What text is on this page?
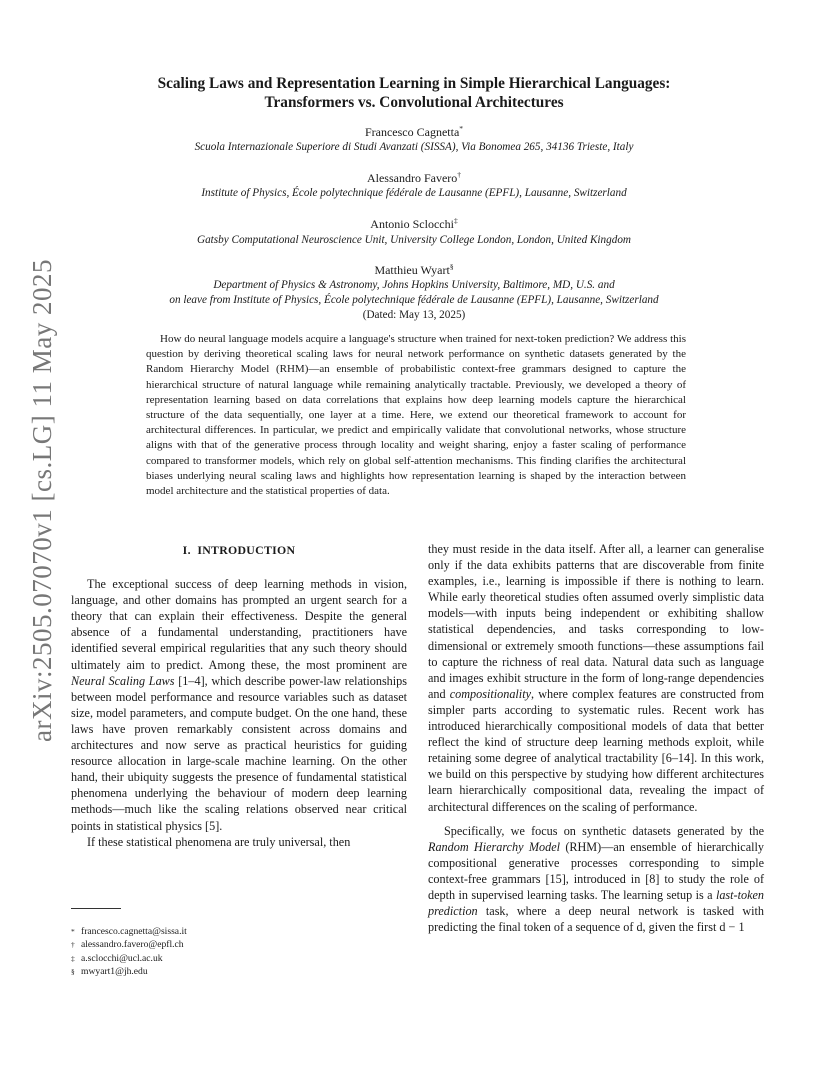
arXiv:2505.07070v1 [cs.LG] 11 May 2025
Scaling Laws and Representation Learning in Simple Hierarchical Languages:
Transformers vs. Convolutional Architectures

Francesco Cagnetta*

Scuola Internazionale Superiore di Studi Avanzati (SISSA), Via Bonomea 265, 34136 Trieste, Italy

Alessandro Favero†

Institute of Physics, École polytechnique fédérale de Lausanne (EPFL), Lausanne, Switzerland

Antonio Sclocchi‡

Gatsby Computational Neuroscience Unit, University College London, London, United Kingdom

Matthieu Wyart§

Department of Physics & Astronomy, Johns Hopkins University, Baltimore, MD, U.S. and

on leave from Institute of Physics, École polytechnique fédérale de Lausanne (EPFL), Lausanne, Switzerland

(Dated: May 13, 2025)

How do neural language models acquire a language's structure when trained for next-token prediction? We address this question by deriving theoretical scaling laws for neural network performance on synthetic datasets generated by the Random Hierarchy Model (RHM)—an ensemble of probabilistic context-free grammars designed to capture the hierarchical structure of natural language while remaining analytically tractable. Previously, we developed a theory of representation learning based on data correlations that explains how deep learning models capture the hierarchical structure of the data sequentially, one layer at a time. Here, we extend our theoretical framework to account for architectural differences. In particular, we predict and empirically validate that convolutional networks, whose structure aligns with that of the generative process through locality and weight sharing, enjoy a faster scaling of performance compared to transformer models, which rely on global self-attention mechanisms. This finding clarifies the architectural biases underlying neural scaling laws and highlights how representation learning is shaped by the interaction between model architecture and the statistical properties of data.

I. INTRODUCTION

The exceptional success of deep learning methods in vision, language, and other domains has prompted an urgent search for a theory that can explain their effectiveness. Despite the general absence of a fundamental understanding, practitioners have identified several empirical regularities that any such theory should ultimately aim to predict. Among these, the most prominent are Neural Scaling Laws [1–4], which describe power-law relationships between model performance and resource variables such as dataset size, model parameters, and compute budget. On the one hand, these laws have proven remarkably consistent across domains and architectures and now serve as practical heuristics for guiding resource allocation in large-scale machine learning. On the other hand, their ubiquity suggests the presence of fundamental statistical phenomena underlying the behaviour of modern deep learning methods—much like the scaling relations observed near critical points in statistical physics [5].

If these statistical phenomena are truly universal, then

they must reside in the data itself. After all, a learner can generalise only if the data exhibits patterns that are discoverable from finite examples, i.e., learning is impossible if there is nothing to learn. While early theoretical studies often assumed overly simplistic data models—with inputs being independent or exhibiting shallow statistical dependencies, and tasks corresponding to low-dimensional or extremely smooth functions—these assumptions fail to capture the richness of real data. Natural data such as language and images exhibit structure in the form of long-range dependencies and compositionality, where complex features are constructed from simpler parts according to systematic rules. Recent work has introduced hierarchically compositional models of data that better reflect the kind of structure deep learning methods exploit, while retaining some degree of analytical tractability [6–14]. In this work, we build on this perspective by studying how different architectures learn hierarchically compositional data, revealing the impact of architectural differences on the scaling of performance.

Specifically, we focus on synthetic datasets generated by the Random Hierarchy Model (RHM)—an ensemble of hierarchically compositional generative processes corresponding to simple context-free grammars [15], introduced in [8] to study the role of depth in supervised learning tasks. The learning setup is a last-token prediction task, where a deep neural network is tasked with predicting the final token of a sequence of d, given the first d − 1

* francesco.cagnetta@sissa.it
† alessandro.favero@epfl.ch
‡ a.sclocchi@ucl.ac.uk
§ mwyart1@jh.edu
